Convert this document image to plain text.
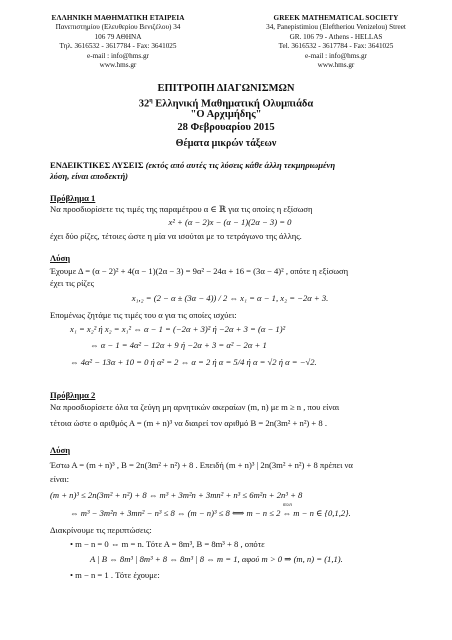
ΕΛΛΗΝΙΚΗ ΜΑΘΗΜΑΤΙΚΗ ΕΤΑΙΡΕΙΑ
Πανεπιστημίου (Ελευθερίου Βενιζέλου) 34
106 79 ΑΘΗΝΑ
Τηλ. 3616532 - 3617784 - Fax: 3641025
e-mail : info@hms.gr
www.hms.gr
GREEK MATHEMATICAL SOCIETY
34, Panepistimiou (Εleftheriou Venizelou) Street
GR. 106 79 - Athens - HELLAS
Tel. 3616532 - 3617784 - Fax: 3641025
e-mail : info@hms.gr
www.hms.gr
ΕΠΙΤΡΟΠΗ ΔΙΑΓΩΝΙΣΜΩΝ
$32^\eta$ Ελληνική Μαθηματική Ολυμπιάδα
"Ο Αρχιμήδης"
28 Φεβρουαρίου 2015
Θέματα μικρών τάξεων
ΕΝΔΕΙΚΤΙΚΕΣ ΛΥΣΕΙΣ (εκτός από αυτές τις λύσεις κάθε άλλη τεκμηριωμένη
λύση, είναι αποδεκτή)
Πρόβλημα 1
Να προσδιορίσετε τις τιμές της παραμέτρου α ∈ ℝ για τις οποίες η εξίσωση
x² + (α − 2)x − (α − 1)(2α − 3) = 0
έχει δύο ρίζες, τέτοιες ώστε η μία να ισούται με το τετράγωνο της άλλης.
Λύση
Έχουμε Δ = (α − 2)² + 4(α − 1)(2α − 3) = 9α² − 24α + 16 = (3α − 4)² , οπότε η εξίσωση
έχει τις ρίζες
x₁,₂ = (2 − α ± (3α − 4)) / 2 ⇔ x₁ = α − 1, x₂ = −2α + 3.
Επομένως ζητάμε τις τιμές του α για τις οποίες ισχύει:
x₁ = x₂² ή x₂ = x₁² ⇔ α − 1 = (−2α + 3)² ή −2α + 3 = (α − 1)²
⇔ α − 1 = 4α² − 12α + 9 ή −2α + 3 = α² − 2α + 1
⇔ 4α² − 13α + 10 = 0 ή α² = 2 ⇔ α = 2 ή α = 5/4 ή α = √2 ή α = −√2.
Πρόβλημα 2
Να προσδιορίσετε όλα τα ζεύγη μη αρνητικών ακεραίων (m, n) με m ≥ n , που είναι
τέτοια ώστε ο αριθμός Α = (m + n)³ να διαιρεί τον αριθμό Β = 2n(3m² + n²) + 8 .
Λύση
Έστω Α = (m + n)³ , Β = 2n(3m² + n²) + 8 . Επειδή (m + n)³ | 2n(3m² + n²) + 8 πρέπει να
είναι:
(m + n)³ ≤ 2n(3m² + n²) + 8 ⇔ m³ + 3m²n + 3mn² + n³ ≤ 6m²n + 2n³ + 8
m≥n
⇔ m³ − 3m²n + 3mn² − n³ ≤ 8 ⇔ (m − n)³ ≤ 8 ⟺ m − n ≤ 2 ⇔ m − n ∈ {0,1,2}.
Διακρίνουμε τις περιπτώσεις:
• m − n = 0 ⇔ m = n. Τότε Α = 8m³, Β = 8m³ + 8 , οπότε
Α | Β ⇔ 8m³ | 8m³ + 8 ⇔ 8m³ | 8 ⇔ m = 1, αφού m > 0 ⇒ (m, n) = (1,1).
• m − n = 1 . Τότε έχουμε:
